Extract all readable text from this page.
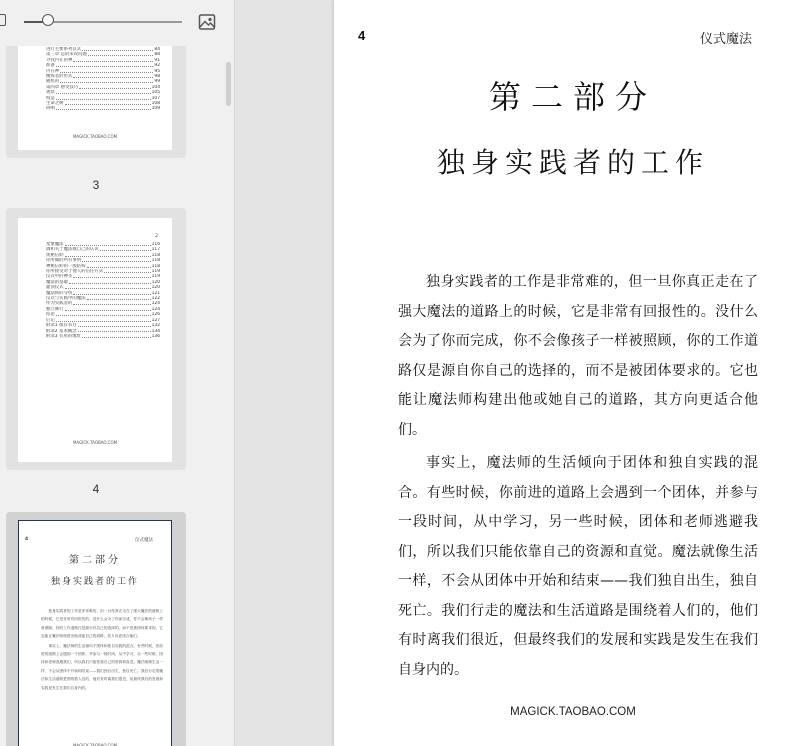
进行主要系列仪式	84
第三章 总的来说问题	88
寻找内在的神	91
准备	92
内在神	95
精炼者的形式	98
随机的	99
第四章 感受技巧	104
观察	105
构造	107
生命之树	108
回响	109
MAGICK.TAOBAO.COM
3
2
星象魔法	116
调和关于魔法或自己的认识	117
奥秘信仰	118
你所做的所有事情	118
神秘信仰的一般结构	118
你所接受对于他人的信任方式	119
仪式中的神圣	119
魔法的基础	120
灌顶仪式	120
魔法师的寻找	121
仪式与实践中的魔法	122
作为实践者的	124
独立修行	124
结论	126
后记	127
附录1 推荐书目	132
附录2 基本概念	134
附录3 有用的地址	136
MAGICK.TAOBAO.COM
4
4	仪式魔法
第二部分
独身实践者的工作

独身实践者的工作是非常难的，但一旦你真正走在了强大魔法的道路上的时候，它是非常有回报性的。没什么会为了你而完成，你不会像孩子一样被照顾，你的工作道路仅是源自你自己的选择的，而不是被团体要求的。它也能让魔法师构建出他或她自己的道路，其方向更适合他们。

事实上，魔法师的生活倾向于团体和独自实践的混合。有些时候，你前进的道路上会遇到一个团体，并参与一段时间，从中学习，另一些时候，团体和老师逃避我们，所以我们只能依靠自己的资源和直觉。魔法就像生活一样，不会从团体中开始和结束——我们独自出生，独自死亡。我们行走的魔法和生活道路是围绕着人们的，他们有时离我们很近，但最终我们的发展和实践是发生在我们自身内的。

MAGICK.TAOBAO.COM
4	仪式魔法
第二部分
独身实践者的工作

独身实践者的工作是非常难的，但一旦你真正走在了强大魔法的道路上的时候，它是非常有回报性的。没什么会为了你而完成，你不会像孩子一样被照顾，你的工作道路仅是源自你自己的选择的，而不是被团体要求的。它也能让魔法师构建出他或她自己的道路，其方向更适合他们。

事实上，魔法师的生活倾向于团体和独自实践的混合。有些时候，你前进的道路上会遇到一个团体，并参与一段时间，从中学习，另一些时候，团体和老师逃避我们，所以我们只能依靠自己的资源和直觉。魔法就像生活一样，不会从团体中开始和结束——我们独自出生，独自死亡。我们行走的魔法和生活道路是围绕着人们的，他们有时离我们很近，但最终我们的发展和实践是发生在我们自身内的。

MAGICK.TAOBAO.COM
